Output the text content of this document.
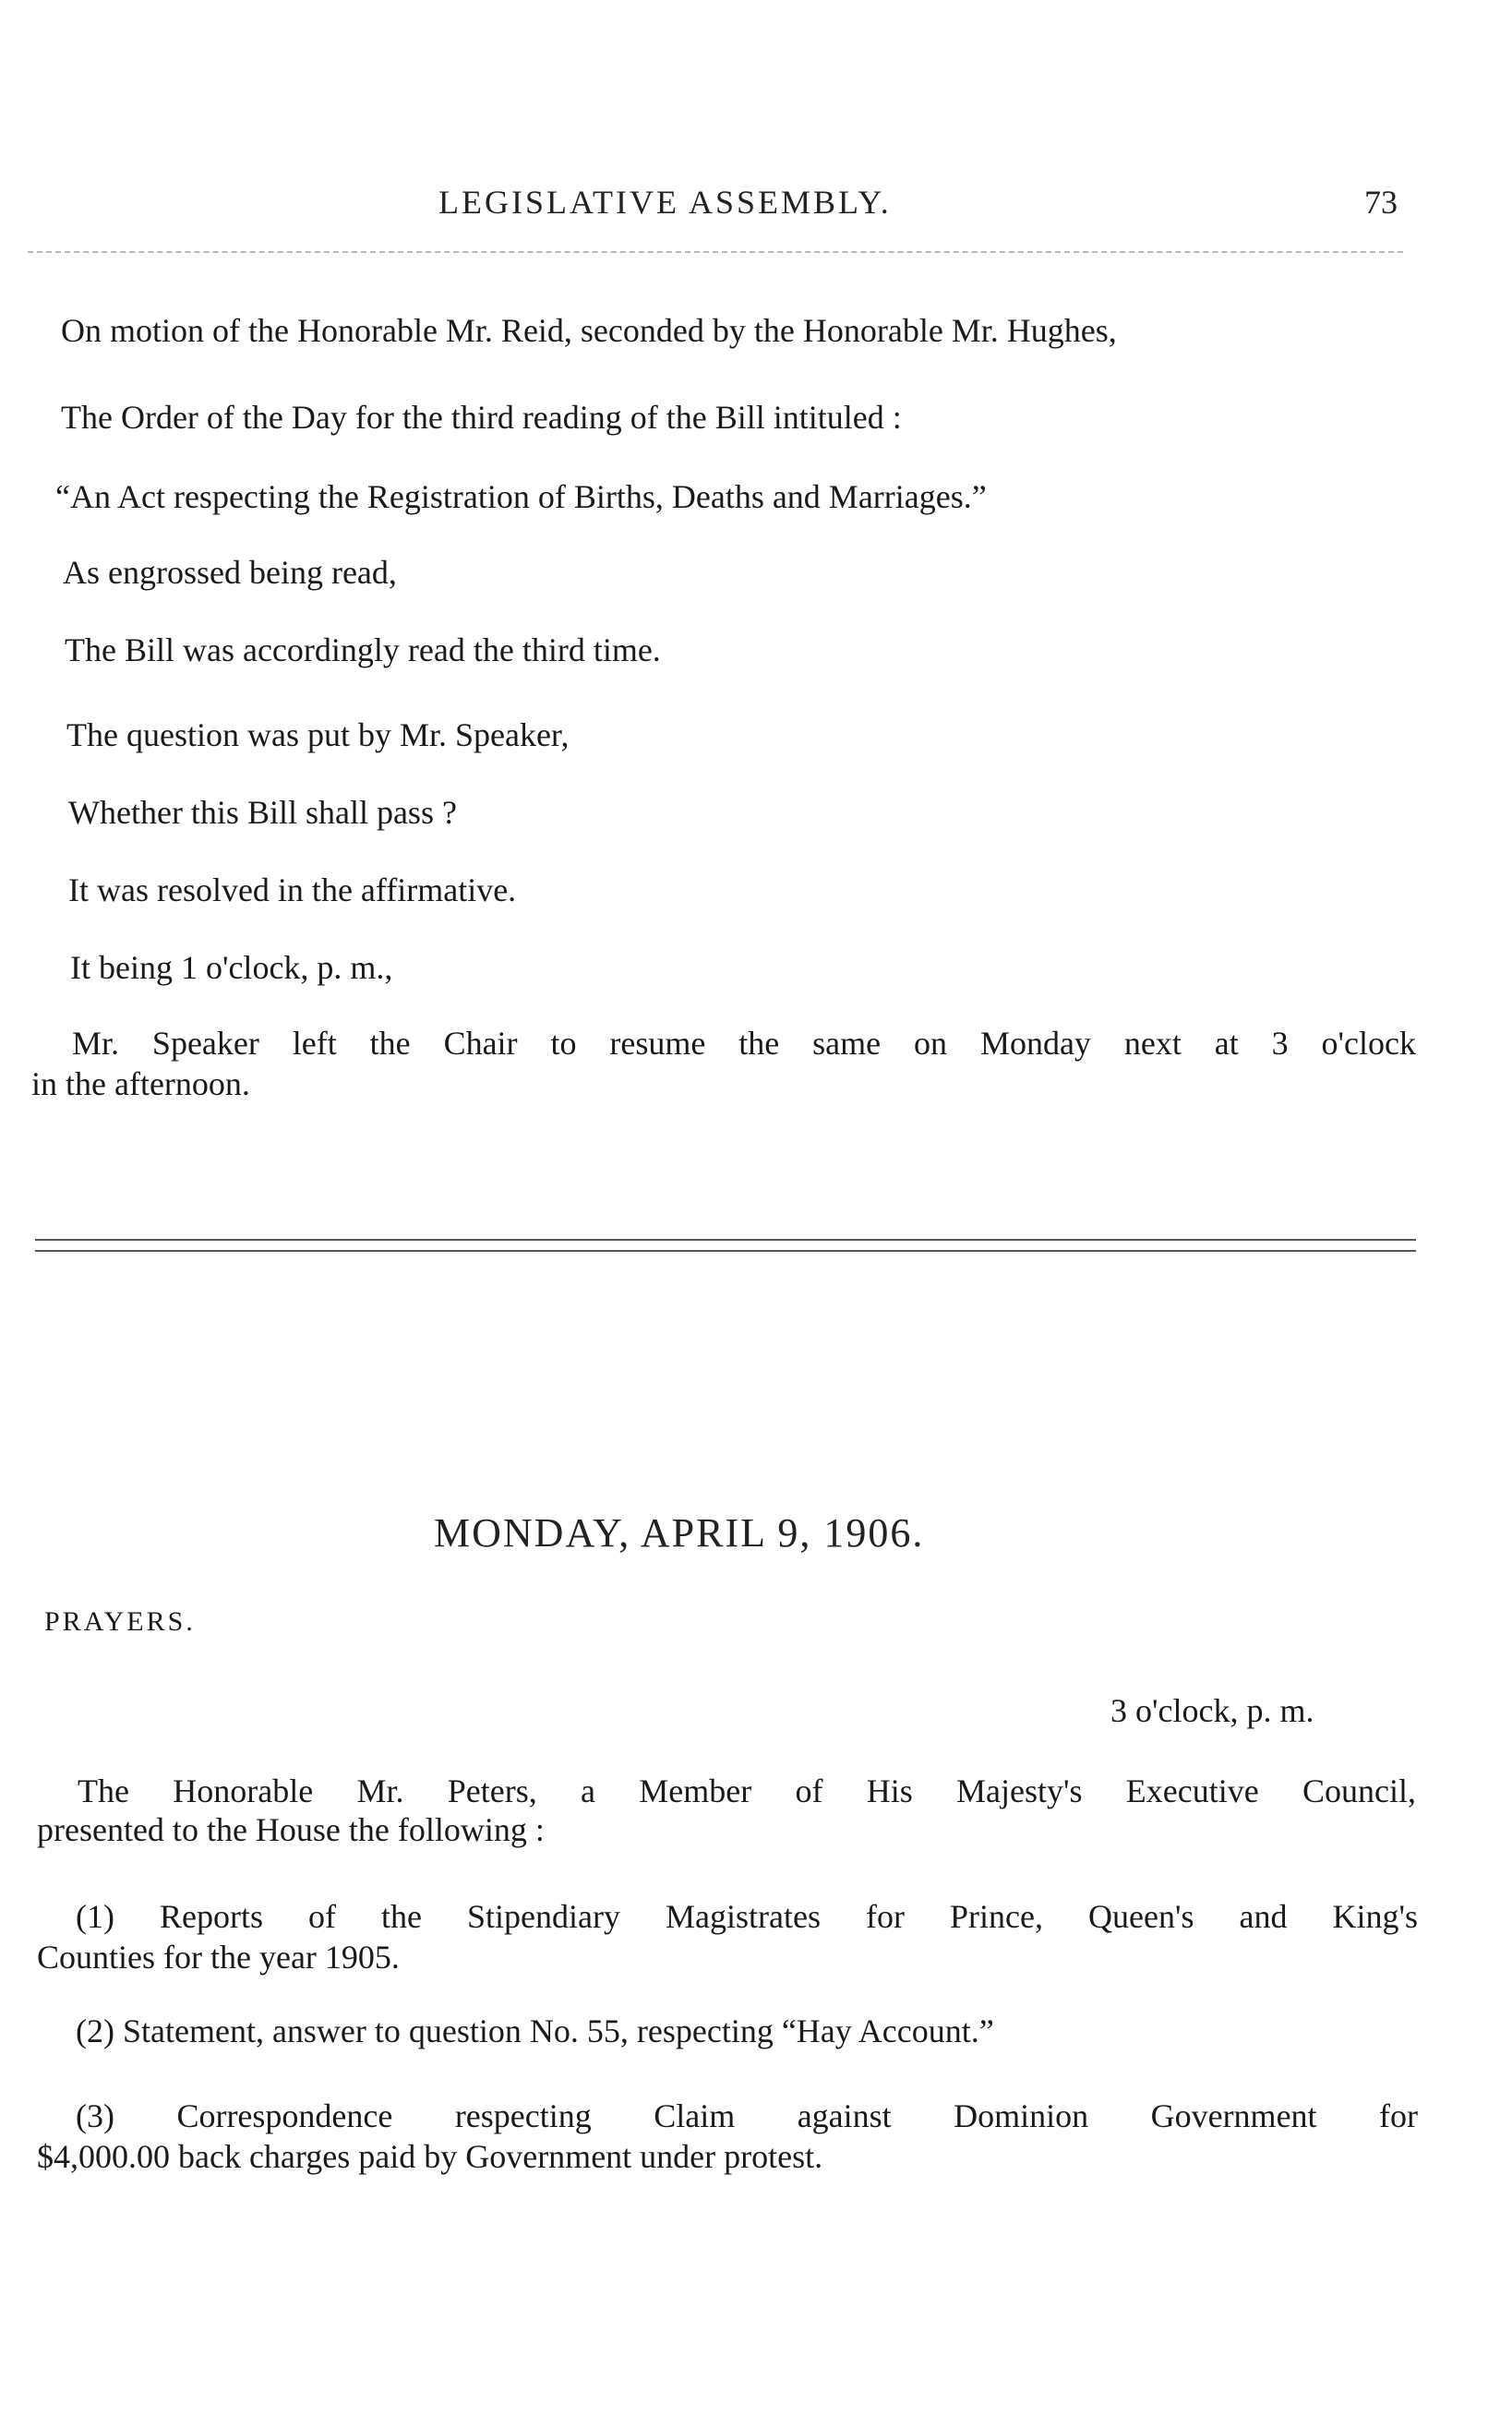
LEGISLATIVE ASSEMBLY.	73
On motion of the Honorable Mr. Reid, seconded by the Honorable Mr. Hughes,
The Order of the Day for the third reading of the Bill intituled :
“An Act respecting the Registration of Births, Deaths and Marriages.”
As engrossed being read,
The Bill was accordingly read the third time.
The question was put by Mr. Speaker,
Whether this Bill shall pass ?
It was resolved in the affirmative.
It being 1 o'clock, p. m.,
Mr. Speaker left the Chair to resume the same on Monday next at 3 o'clock
in the afternoon.
MONDAY, APRIL 9, 1906.
PRAYERS.
3 o'clock, p. m.
The Honorable Mr. Peters, a Member of His Majesty's Executive Council,
presented to the House the following :
(1) Reports of the Stipendiary Magistrates for Prince, Queen's and King's
Counties for the year 1905.
(2) Statement, answer to question No. 55, respecting “Hay Account.”
(3) Correspondence respecting Claim against Dominion Government for
$4,000.00 back charges paid by Government under protest.
